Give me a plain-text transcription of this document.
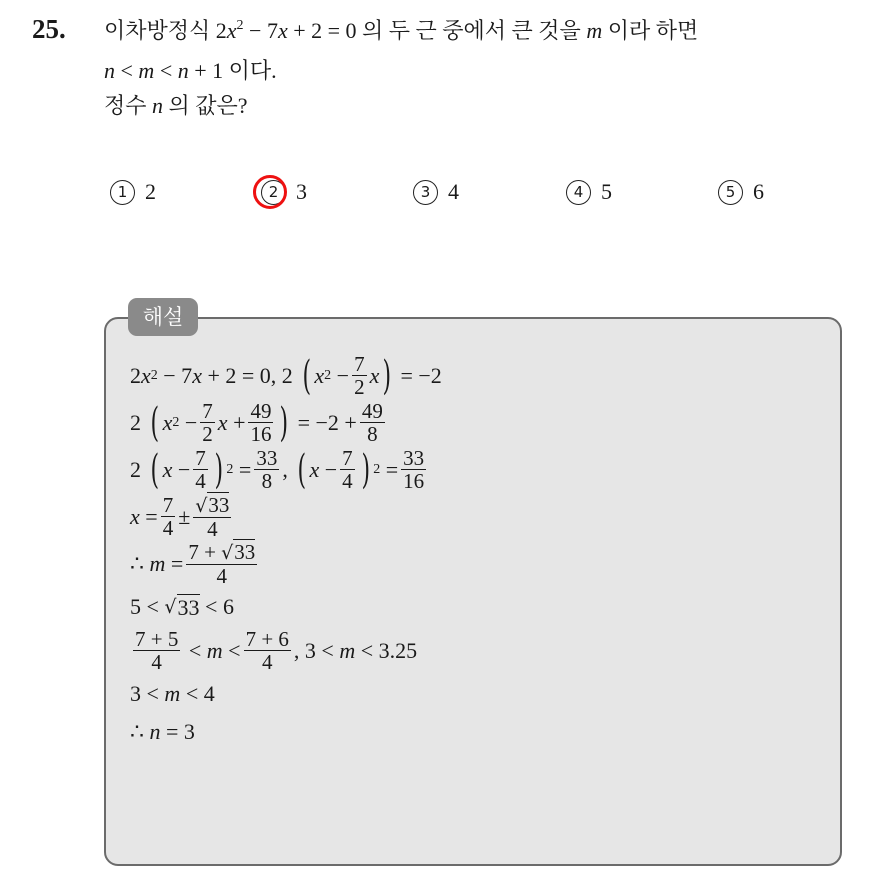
25. 이차방정식 $2x^2 - 7x + 2 = 0$ 의 두 근 중에서 큰 것을 m 이라 하면
n < m < n + 1 이다.
정수 n 의 값은?
1 2	2 3	3 4	4 5	5 6
해설
2 x 2 − 7 x + 2 = 0, 2 ( x $2 - \frac{7}{2}$ x ) = −2
2 ( x $2 - \frac{7}{2}$ $x + \frac{49}{16}$ ) = $-2 + \frac{49}{8}$
2 ( $x - \frac{7}{4}$ ) $2 = \frac{33}{8}$ , ( $x - \frac{7}{4}$ ) $2 = \frac{33}{16}$
$x = \frac{7}{4} \pm \frac{√33}{4}$
∴ $m = \frac{7 + √33}{4}$
5 < √ 33 < 6
$\frac{7 + 5}{4} < m < \frac{7 + 6}{4}$ , 3 < m < 3.25
3 < m < 4
∴ n = 3
